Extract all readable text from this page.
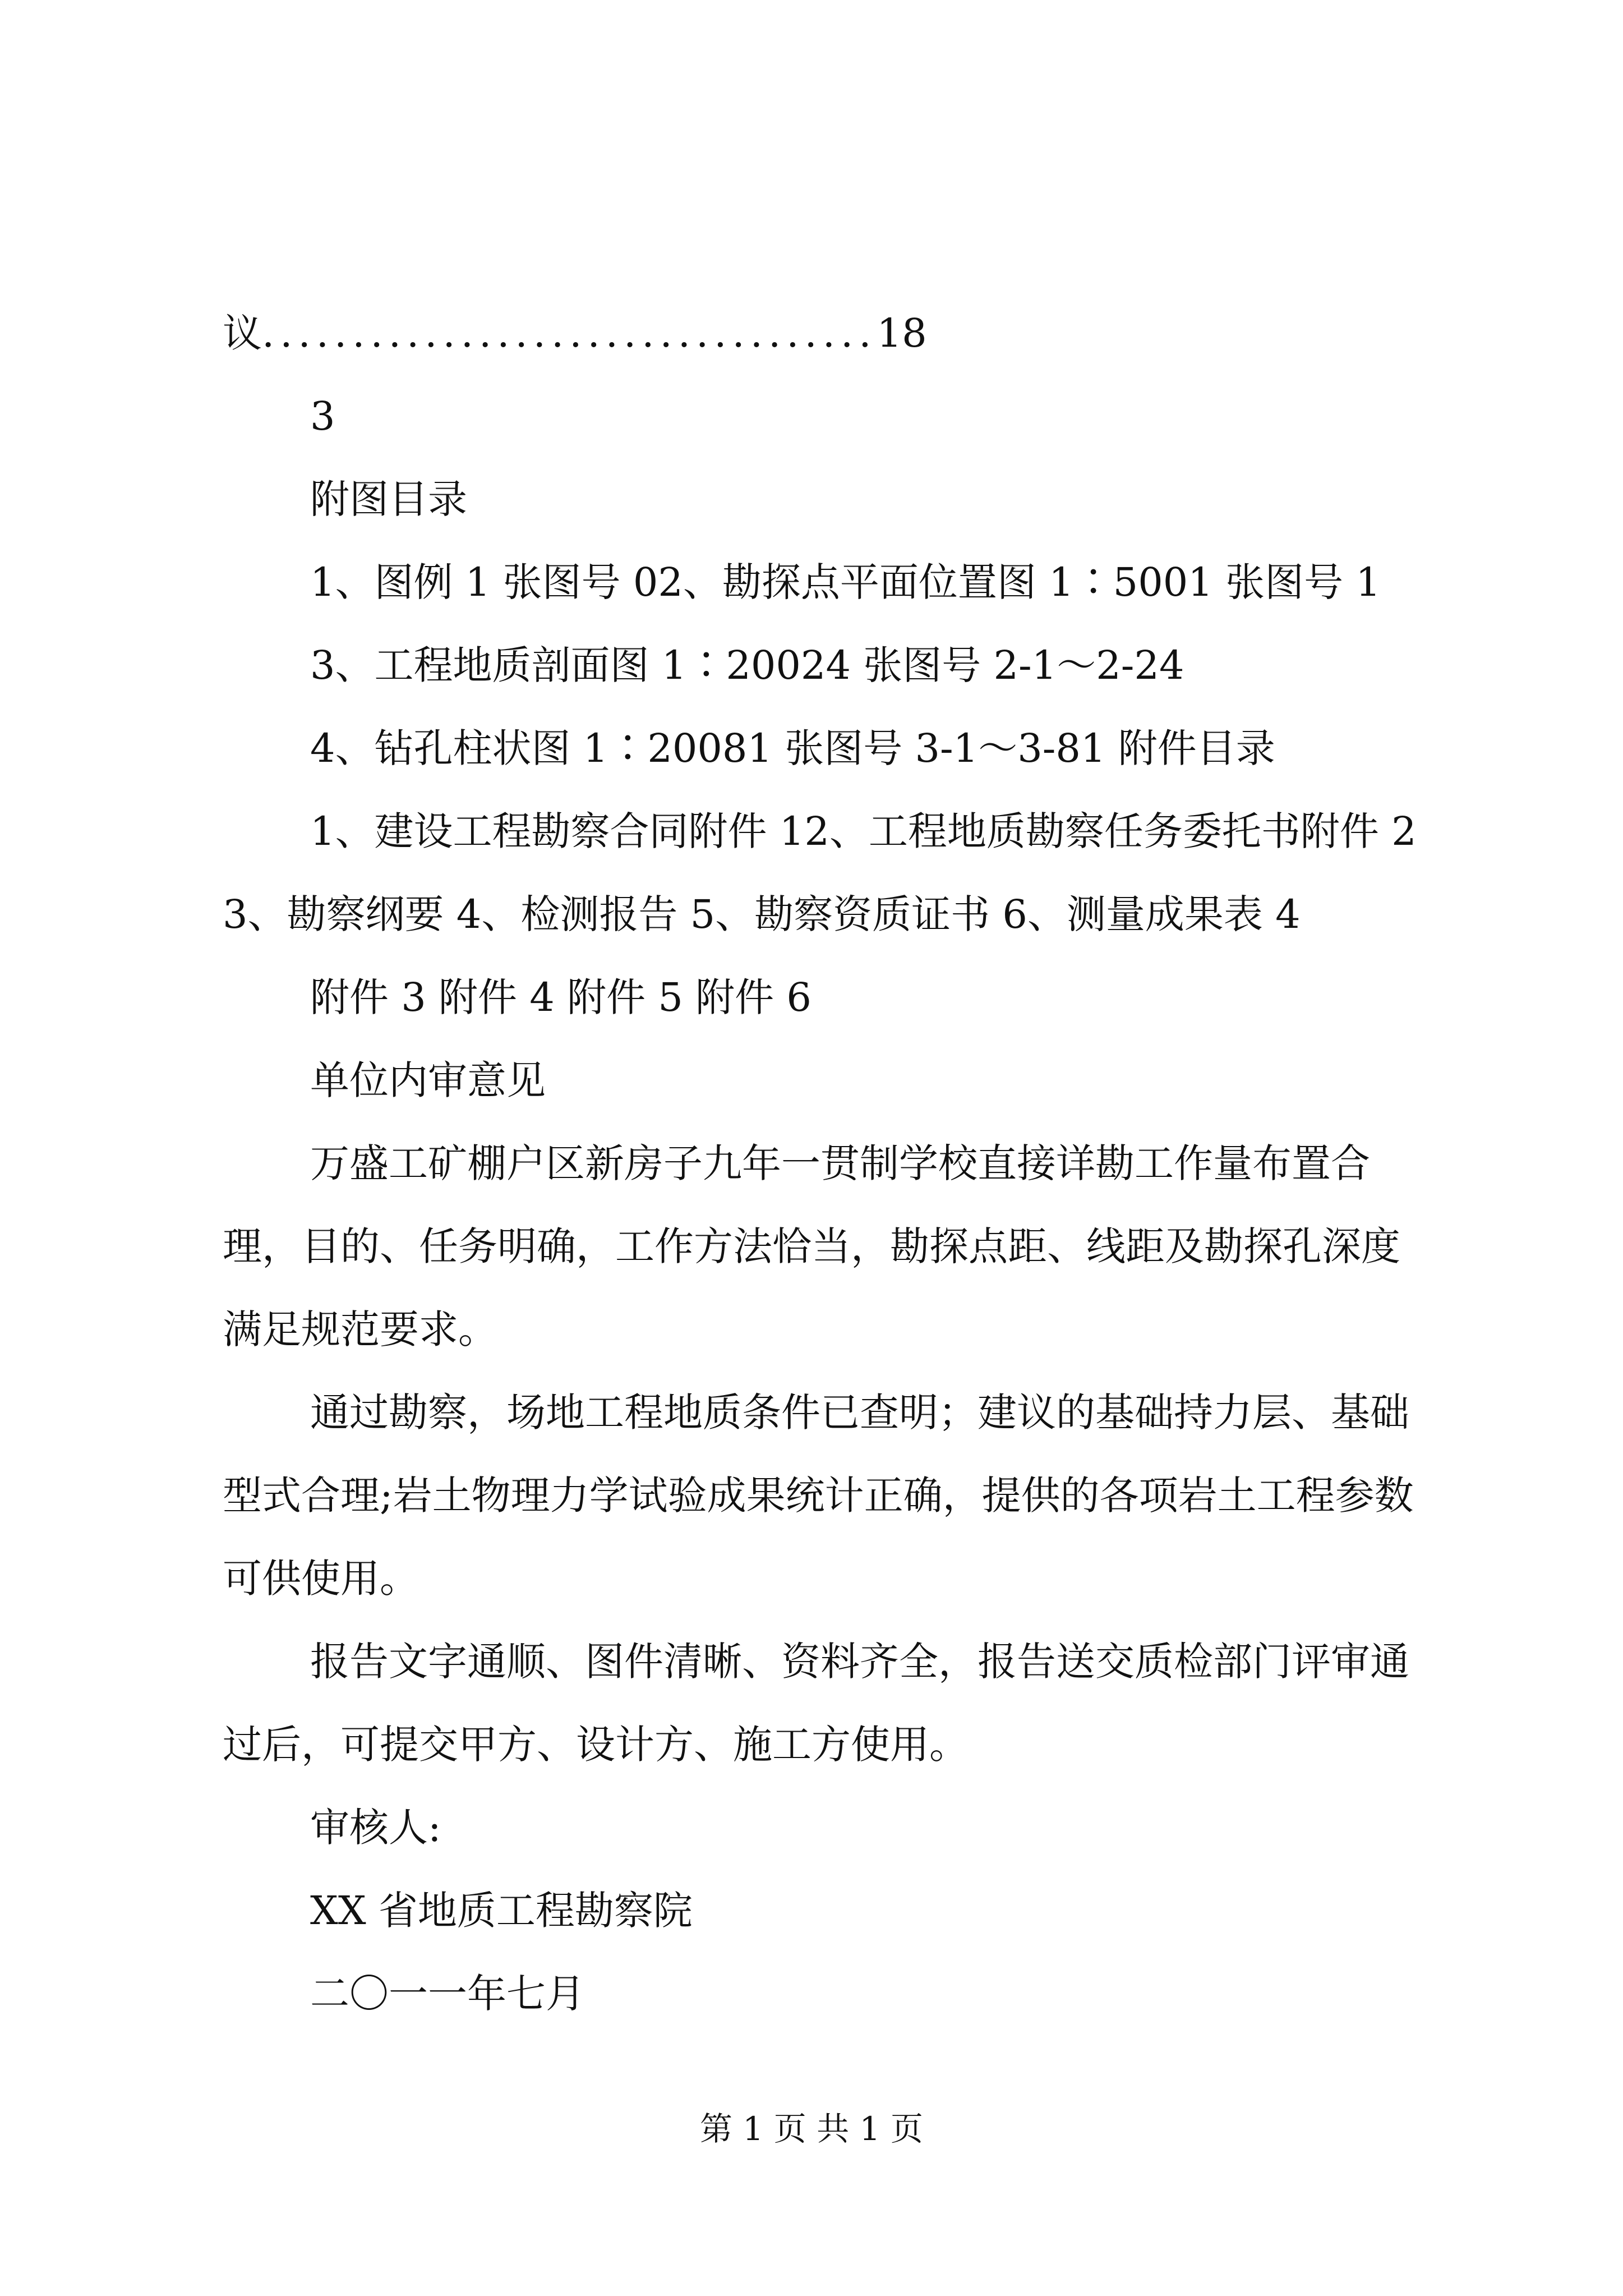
议 .................................. 18
3
附图目录
1、图例 1 张图号 02、勘探点平面位置图 1∶5001 张图号 1
3、工程地质剖面图 1∶20024 张图号 2-1～2-24
4、钻孔柱状图 1∶20081 张图号 3-1～3-81 附件目录

1、建设工程勘察合同附件 12、工程地质勘察任务委托书附件 23、勘察纲要 4、检测报告 5、勘察资质证书 6、测量成果表 4

附件 3 附件 4 附件 5 附件 6
单位内审意见

万盛工矿棚户区新房子九年一贯制学校直接详勘工作量布置合理，目的、任务明确，工作方法恰当，勘探点距、线距及勘探孔深度满足规范要求。

通过勘察，场地工程地质条件已查明；建议的基础持力层、基础型式合理;岩土物理力学试验成果统计正确，提供的各项岩土工程参数可供使用。

报告文字通顺、图件清晰、资料齐全，报告送交质检部门评审通过后，可提交甲方、设计方、施工方使用。

审核人:
XX 省地质工程勘察院
二〇一一年七月
第 1 页 共 1 页
